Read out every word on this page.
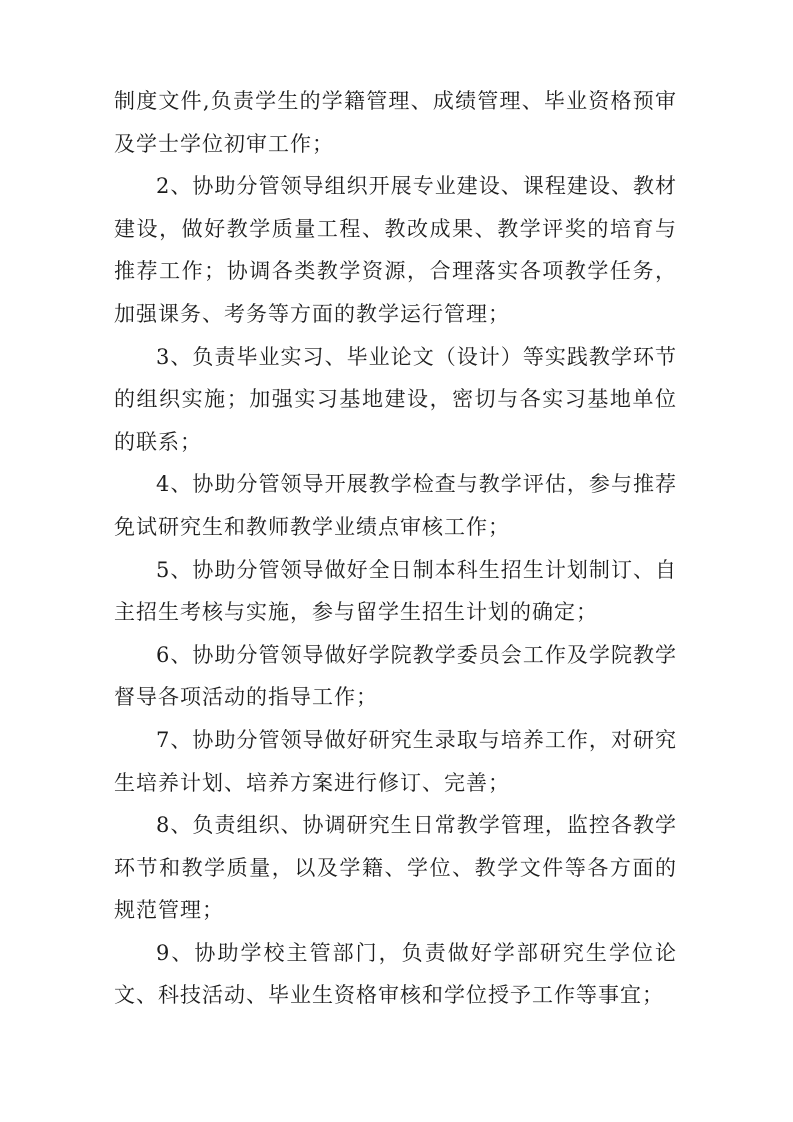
制度文件,负责学生的学籍管理、成绩管理、毕业资格预审及学士学位初审工作；

2、协助分管领导组织开展专业建设、课程建设、教材建设，做好教学质量工程、教改成果、教学评奖的培育与推荐工作；协调各类教学资源，合理落实各项教学任务，加强课务、考务等方面的教学运行管理；

3、负责毕业实习、毕业论文（设计）等实践教学环节的组织实施；加强实习基地建设，密切与各实习基地单位的联系；

4、协助分管领导开展教学检查与教学评估，参与推荐免试研究生和教师教学业绩点审核工作；

5、协助分管领导做好全日制本科生招生计划制订、自主招生考核与实施，参与留学生招生计划的确定；

6、协助分管领导做好学院教学委员会工作及学院教学督导各项活动的指导工作；

7、协助分管领导做好研究生录取与培养工作，对研究生培养计划、培养方案进行修订、完善；

8、负责组织、协调研究生日常教学管理，监控各教学环节和教学质量，以及学籍、学位、教学文件等各方面的规范管理；

9、协助学校主管部门，负责做好学部研究生学位论文、科技活动、毕业生资格审核和学位授予工作等事宜；
